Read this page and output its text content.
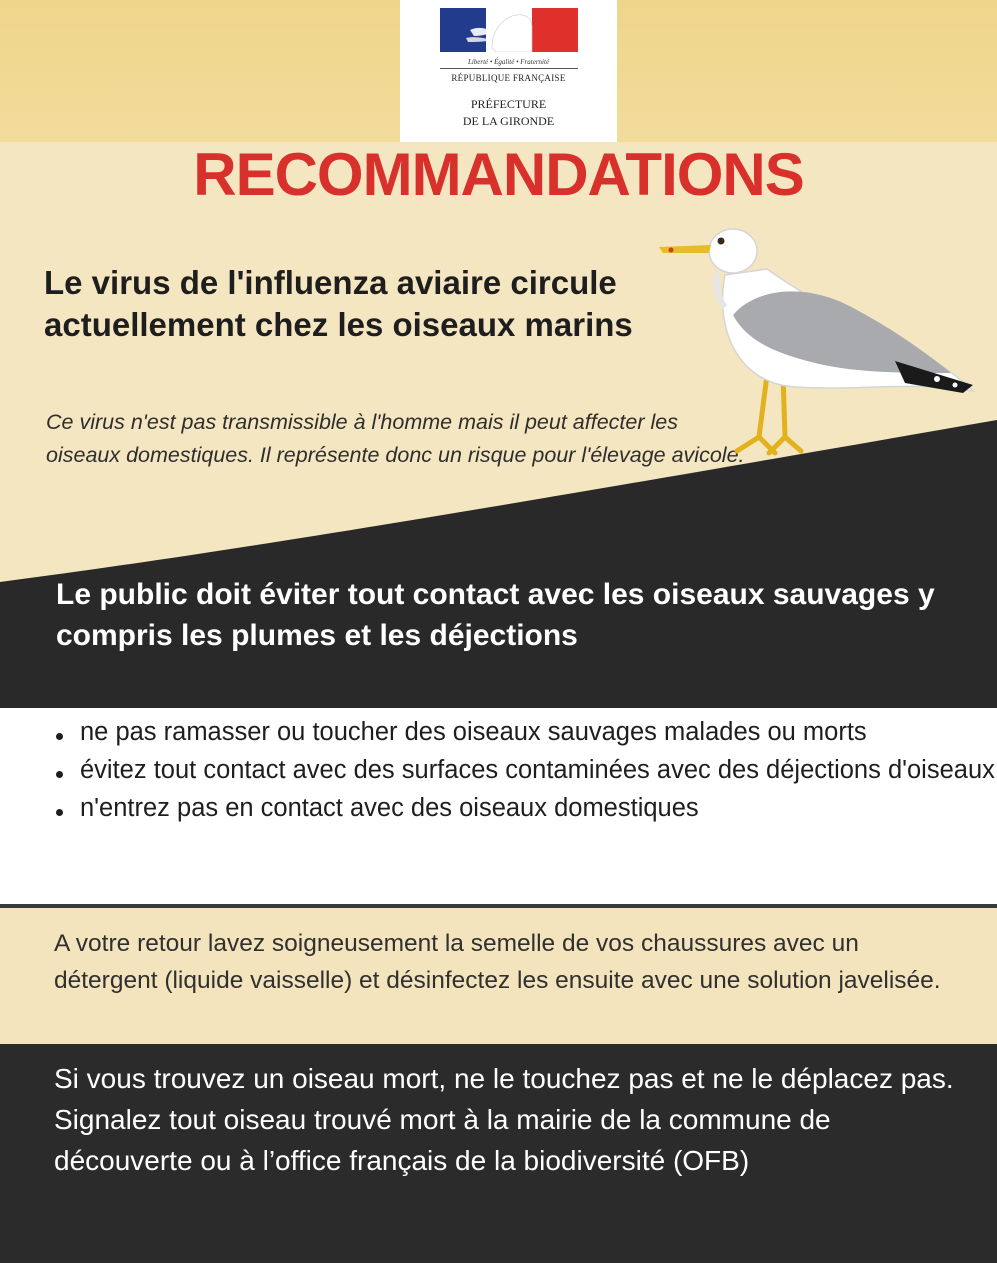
Liberté • Égalité • Fraternité
RÉPUBLIQUE FRANÇAISE
PRÉFECTURE
DE LA GIRONDE
RECOMMANDATIONS
Le virus de l'influenza aviaire circule actuellement chez les oiseaux marins
Ce virus n'est pas transmissible à l'homme mais il peut affecter les oiseaux domestiques. Il représente donc un risque pour l'élevage avicole.
Le public doit éviter tout contact avec les oiseaux sauvages y compris les plumes et les déjections
ne pas ramasser ou toucher des oiseaux sauvages malades ou morts
évitez tout contact avec des surfaces contaminées avec des déjections d'oiseaux
n'entrez pas en contact avec des oiseaux domestiques
A votre retour lavez soigneusement la semelle de vos chaussures avec un détergent (liquide vaisselle) et désinfectez les ensuite avec une solution javelisée.

Si vous trouvez un oiseau mort, ne le touchez pas et ne le déplacez pas.

Signalez tout oiseau trouvé mort à la mairie de la commune de découverte ou à l’office français de la biodiversité (OFB)
